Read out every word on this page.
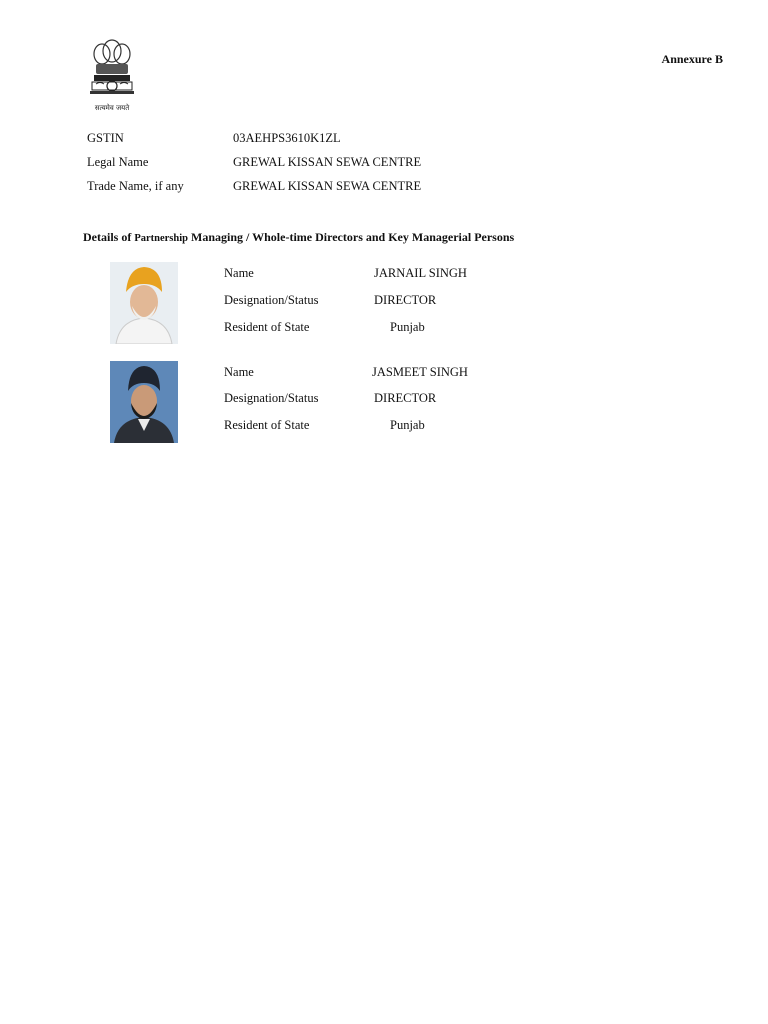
सत्यमेव जयते
Annexure B
GSTIN	03AEHPS3610K1ZL
Legal Name	GREWAL KISSAN SEWA CENTRE
Trade Name, if any	GREWAL KISSAN SEWA CENTRE
Details of Partnership Managing / Whole-time Directors and Key Managerial Persons
Name	JARNAIL SINGH
Designation/Status	DIRECTOR
Resident of State	Punjab
Name	JASMEET SINGH
Designation/Status	DIRECTOR
Resident of State	Punjab
